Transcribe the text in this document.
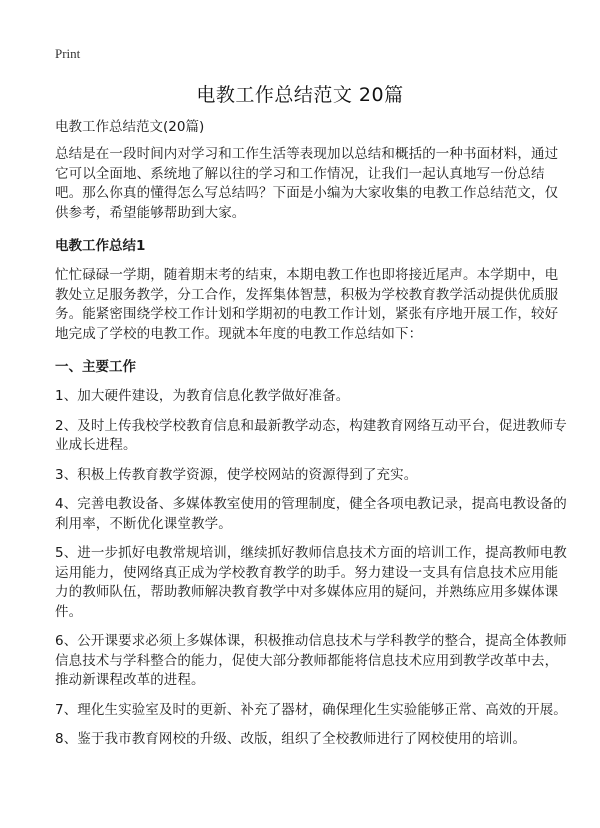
Print
电教工作总结范文 20篇
电教工作总结范文(20篇)

总结是在一段时间内对学习和工作生活等表现加以总结和概括的一种书面材料，通过它可以全面地、系统地了解以往的学习和工作情况，让我们一起认真地写一份总结吧。那么你真的懂得怎么写总结吗？下面是小编为大家收集的电教工作总结范文，仅供参考，希望能够帮助到大家。

电教工作总结1

忙忙碌碌一学期，随着期末考的结束，本期电教工作也即将接近尾声。本学期中，电教处立足服务教学，分工合作，发挥集体智慧，积极为学校教育教学活动提供优质服务。能紧密围绕学校工作计划和学期初的电教工作计划，紧张有序地开展工作，较好地完成了学校的电教工作。现就本年度的电教工作总结如下：

一、主要工作

1、加大硬件建设，为教育信息化教学做好准备。

2、及时上传我校学校教育信息和最新教学动态，构建教育网络互动平台，促进教师专业成长进程。

3、积极上传教育教学资源，使学校网站的资源得到了充实。

4、完善电教设备、多媒体教室使用的管理制度，健全各项电教记录，提高电教设备的利用率，不断优化课堂教学。

5、进一步抓好电教常规培训，继续抓好教师信息技术方面的培训工作，提高教师电教运用能力，使网络真正成为学校教育教学的助手。努力建设一支具有信息技术应用能力的教师队伍，帮助教师解决教育教学中对多媒体应用的疑问，并熟练应用多媒体课件。

6、公开课要求必须上多媒体课，积极推动信息技术与学科教学的整合，提高全体教师信息技术与学科整合的能力，促使大部分教师都能将信息技术应用到教学改革中去，推动新课程改革的进程。

7、理化生实验室及时的更新、补充了器材，确保理化生实验能够正常、高效的开展。

8、鉴于我市教育网校的升级、改版，组织了全校教师进行了网校使用的培训。
